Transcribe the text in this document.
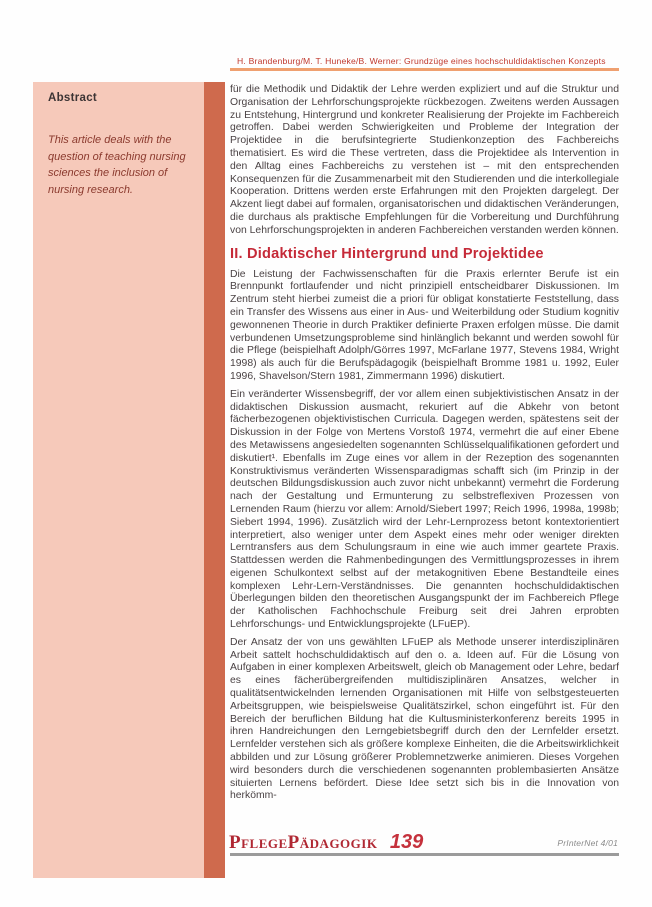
H. Brandenburg/M. T. Huneke/B. Werner: Grundzüge eines hochschuldidaktischen Konzepts
Abstract

This article deals with the question of teaching nursing sciences the inclusion of nursing research.

für die Methodik und Didaktik der Lehre werden expliziert und auf die Struktur und Organisation der Lehrforschungsprojekte rückbezogen. Zweitens werden Aussagen zu Entstehung, Hintergrund und konkreter Realisierung der Projekte im Fachbereich getroffen. Dabei werden Schwierigkeiten und Probleme der Integration der Projektidee in die berufsintegrierte Studienkonzeption des Fachbereichs thematisiert. Es wird die These vertreten, dass die Projektidee als Intervention in den Alltag eines Fachbereichs zu verstehen ist – mit den entsprechenden Konsequenzen für die Zusammenarbeit mit den Studierenden und die interkollegiale Kooperation. Drittens werden erste Erfahrungen mit den Projekten dargelegt. Der Akzent liegt dabei auf formalen, organisatorischen und didaktischen Veränderungen, die durchaus als praktische Empfehlungen für die Vorbereitung und Durchführung von Lehrforschungsprojekten in anderen Fachbereichen verstanden werden können.

II. Didaktischer Hintergrund und Projektidee

Die Leistung der Fachwissenschaften für die Praxis erlernter Berufe ist ein Brennpunkt fortlaufender und nicht prinzipiell entscheidbarer Diskussionen. Im Zentrum steht hierbei zumeist die a priori für obligat konstatierte Feststellung, dass ein Transfer des Wissens aus einer in Aus- und Weiterbildung oder Studium kognitiv gewonnenen Theorie in durch Praktiker definierte Praxen erfolgen müsse. Die damit verbundenen Umsetzungsprobleme sind hinlänglich bekannt und werden sowohl für die Pflege (beispielhaft Adolph/Görres 1997, McFarlane 1977, Stevens 1984, Wright 1998) als auch für die Berufspädagogik (beispielhaft Bromme 1981 u. 1992, Euler 1996, Shavelson/Stern 1981, Zimmermann 1996) diskutiert.

Ein veränderter Wissensbegriff, der vor allem einen subjektivistischen Ansatz in der didaktischen Diskussion ausmacht, rekuriert auf die Abkehr von betont fächerbezogenen objektivistischen Curricula. Dagegen werden, spätestens seit der Diskussion in der Folge von Mertens Vorstoß 1974, vermehrt die auf einer Ebene des Metawissens angesiedelten sogenannten Schlüsselqualifikationen gefordert und diskutiert¹. Ebenfalls im Zuge eines vor allem in der Rezeption des sogenannten Konstruktivismus veränderten Wissensparadigmas schafft sich (im Prinzip in der deutschen Bildungsdiskussion auch zuvor nicht unbekannt) vermehrt die Forderung nach der Gestaltung und Ermunterung zu selbstreflexiven Prozessen von Lernenden Raum (hierzu vor allem: Arnold/Siebert 1997; Reich 1996, 1998a, 1998b; Siebert 1994, 1996). Zusätzlich wird der Lehr-Lernprozess betont kontextorientiert interpretiert, also weniger unter dem Aspekt eines mehr oder weniger direkten Lerntransfers aus dem Schulungsraum in eine wie auch immer geartete Praxis. Stattdessen werden die Rahmenbedingungen des Vermittlungsprozesses in ihrem eigenen Schulkontext selbst auf der metakognitiven Ebene Bestandteile eines komplexen Lehr-Lern-Verständnisses. Die genannten hochschuldidaktischen Überlegungen bilden den theoretischen Ausgangspunkt der im Fachbereich Pflege der Katholischen Fachhochschule Freiburg seit drei Jahren erprobten Lehrforschungs- und Entwicklungsprojekte (LFuEP).

Der Ansatz der von uns gewählten LFuEP als Methode unserer interdisziplinären Arbeit sattelt hochschuldidaktisch auf den o. a. Ideen auf. Für die Lösung von Aufgaben in einer komplexen Arbeitswelt, gleich ob Management oder Lehre, bedarf es eines fächerübergreifenden multidisziplinären Ansatzes, welcher in qualitätsentwickelnden lernenden Organisationen mit Hilfe von selbstgesteuerten Arbeitsgruppen, wie beispielsweise Qualitätszirkel, schon eingeführt ist. Für den Bereich der beruflichen Bildung hat die Kultusministerkonferenz bereits 1995 in ihren Handreichungen den Lerngebietsbegriff durch den der Lernfelder ersetzt. Lernfelder verstehen sich als größere komplexe Einheiten, die die Arbeitswirklichkeit abbilden und zur Lösung größerer Problemnetzwerke animieren. Dieses Vorgehen wird besonders durch die verschiedenen sogenannten problembasierten Ansätze situierten Lernens befördert. Diese Idee setzt sich bis in die Innovation von herkömm-

PflegePädagogik 139	PrInterNet 4/01
